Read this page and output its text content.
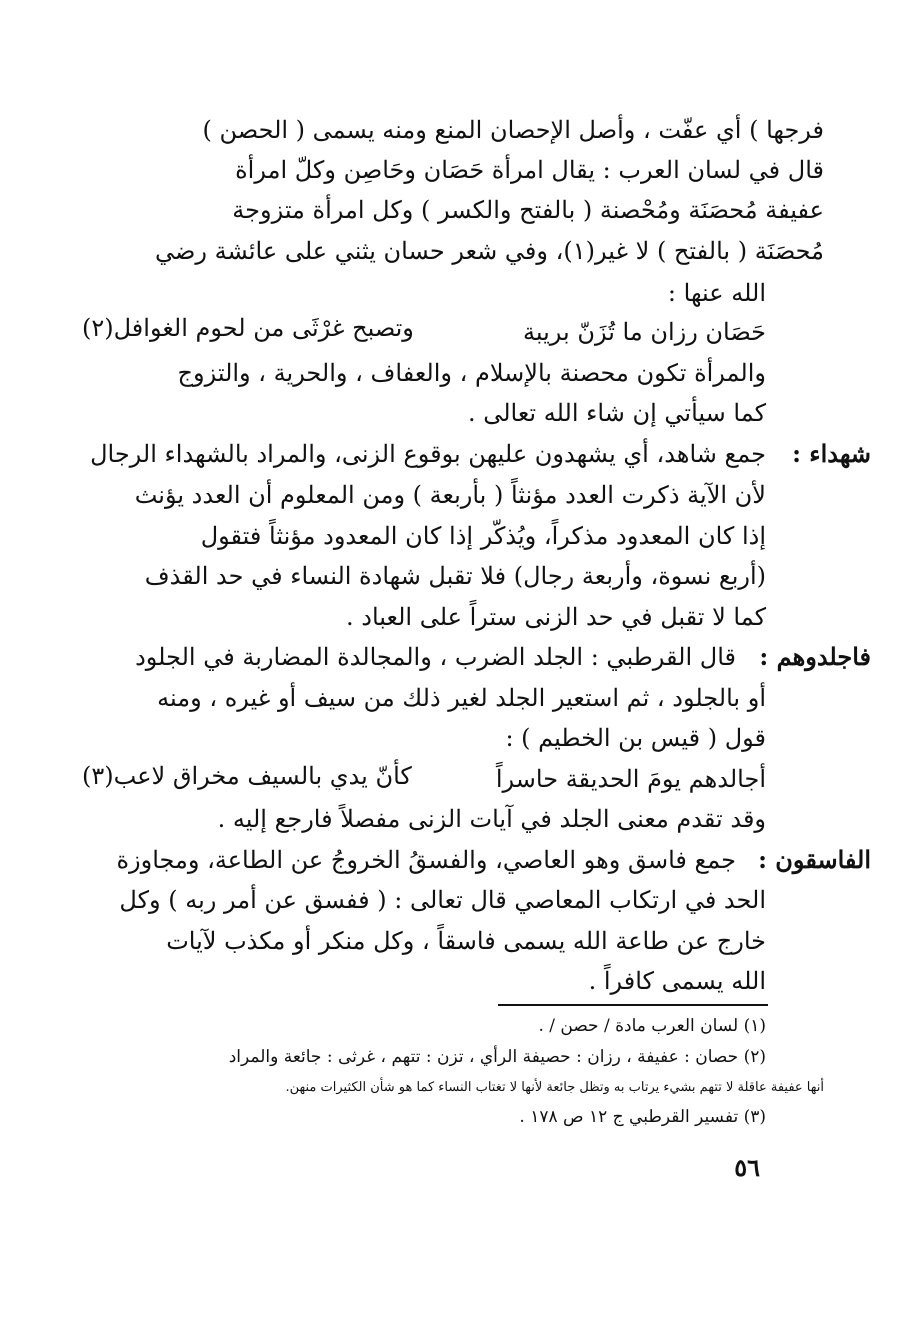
فرجها ) أي عفّت ، وأصل الإحصان المنع ومنه يسمى ( الحصن )
قال في لسان العرب : يقال امرأة حَصَان وحَاصِن وكلّ امرأة
عفيفة مُحصَنَة ومُحْصنة ( بالفتح والكسر ) وكل امرأة متزوجة
مُحصَنَة ( بالفتح ) لا غير(١)، وفي شعر حسان يثني على عائشة رضي
الله عنها :
حَصَان رزان ما تُزَنّ بريبة
وتصبح غرْثَى من لحوم الغوافل(٢)
والمرأة تكون محصنة بالإسلام ، والعفاف ، والحرية ، والتزوج
كما سيأتي إن شاء الله تعالى .
شهداء :
جمع شاهد، أي يشهدون عليهن بوقوع الزنى، والمراد بالشهداء الرجال
لأن الآية ذكرت العدد مؤنثاً ( بأربعة ) ومن المعلوم أن العدد يؤنث
إذا كان المعدود مذكراً، ويُذكّر إذا كان المعدود مؤنثاً فتقول
(أربع نسوة، وأربعة رجال) فلا تقبل شهادة النساء في حد القذف
كما لا تقبل في حد الزنى ستراً على العباد .
فاجلدوهم :
قال القرطبي : الجلد الضرب ، والمجالدة المضاربة في الجلود
أو بالجلود ، ثم استعير الجلد لغير ذلك من سيف أو غيره ، ومنه
قول ( قيس بن الخطيم ) :
أجالدهم يومَ الحديقة حاسراً
كأنّ يدي بالسيف مخراق لاعب(٣)
وقد تقدم معنى الجلد في آيات الزنى مفصلاً فارجع إليه .
الفاسقون :
جمع فاسق وهو العاصي، والفسقُ الخروجُ عن الطاعة، ومجاوزة
الحد في ارتكاب المعاصي قال تعالى : ( ففسق عن أمر ربه ) وكل
خارج عن طاعة الله يسمى فاسقاً ، وكل منكر أو مكذب لآيات
الله يسمى كافراً .
(١) لسان العرب مادة / حصن / .
(٢) حصان : عفيفة ، رزان : حصيفة الرأي ، تزن : تتهم ، غرثى : جائعة والمراد
أنها عفيفة عاقلة لا تتهم بشيء يرتاب به وتظل جائعة لأنها لا تغتاب النساء كما هو شأن الكثيرات منهن.
(٣) تفسير القرطبي ج ١٢ ص ١٧٨ .
٥٦
